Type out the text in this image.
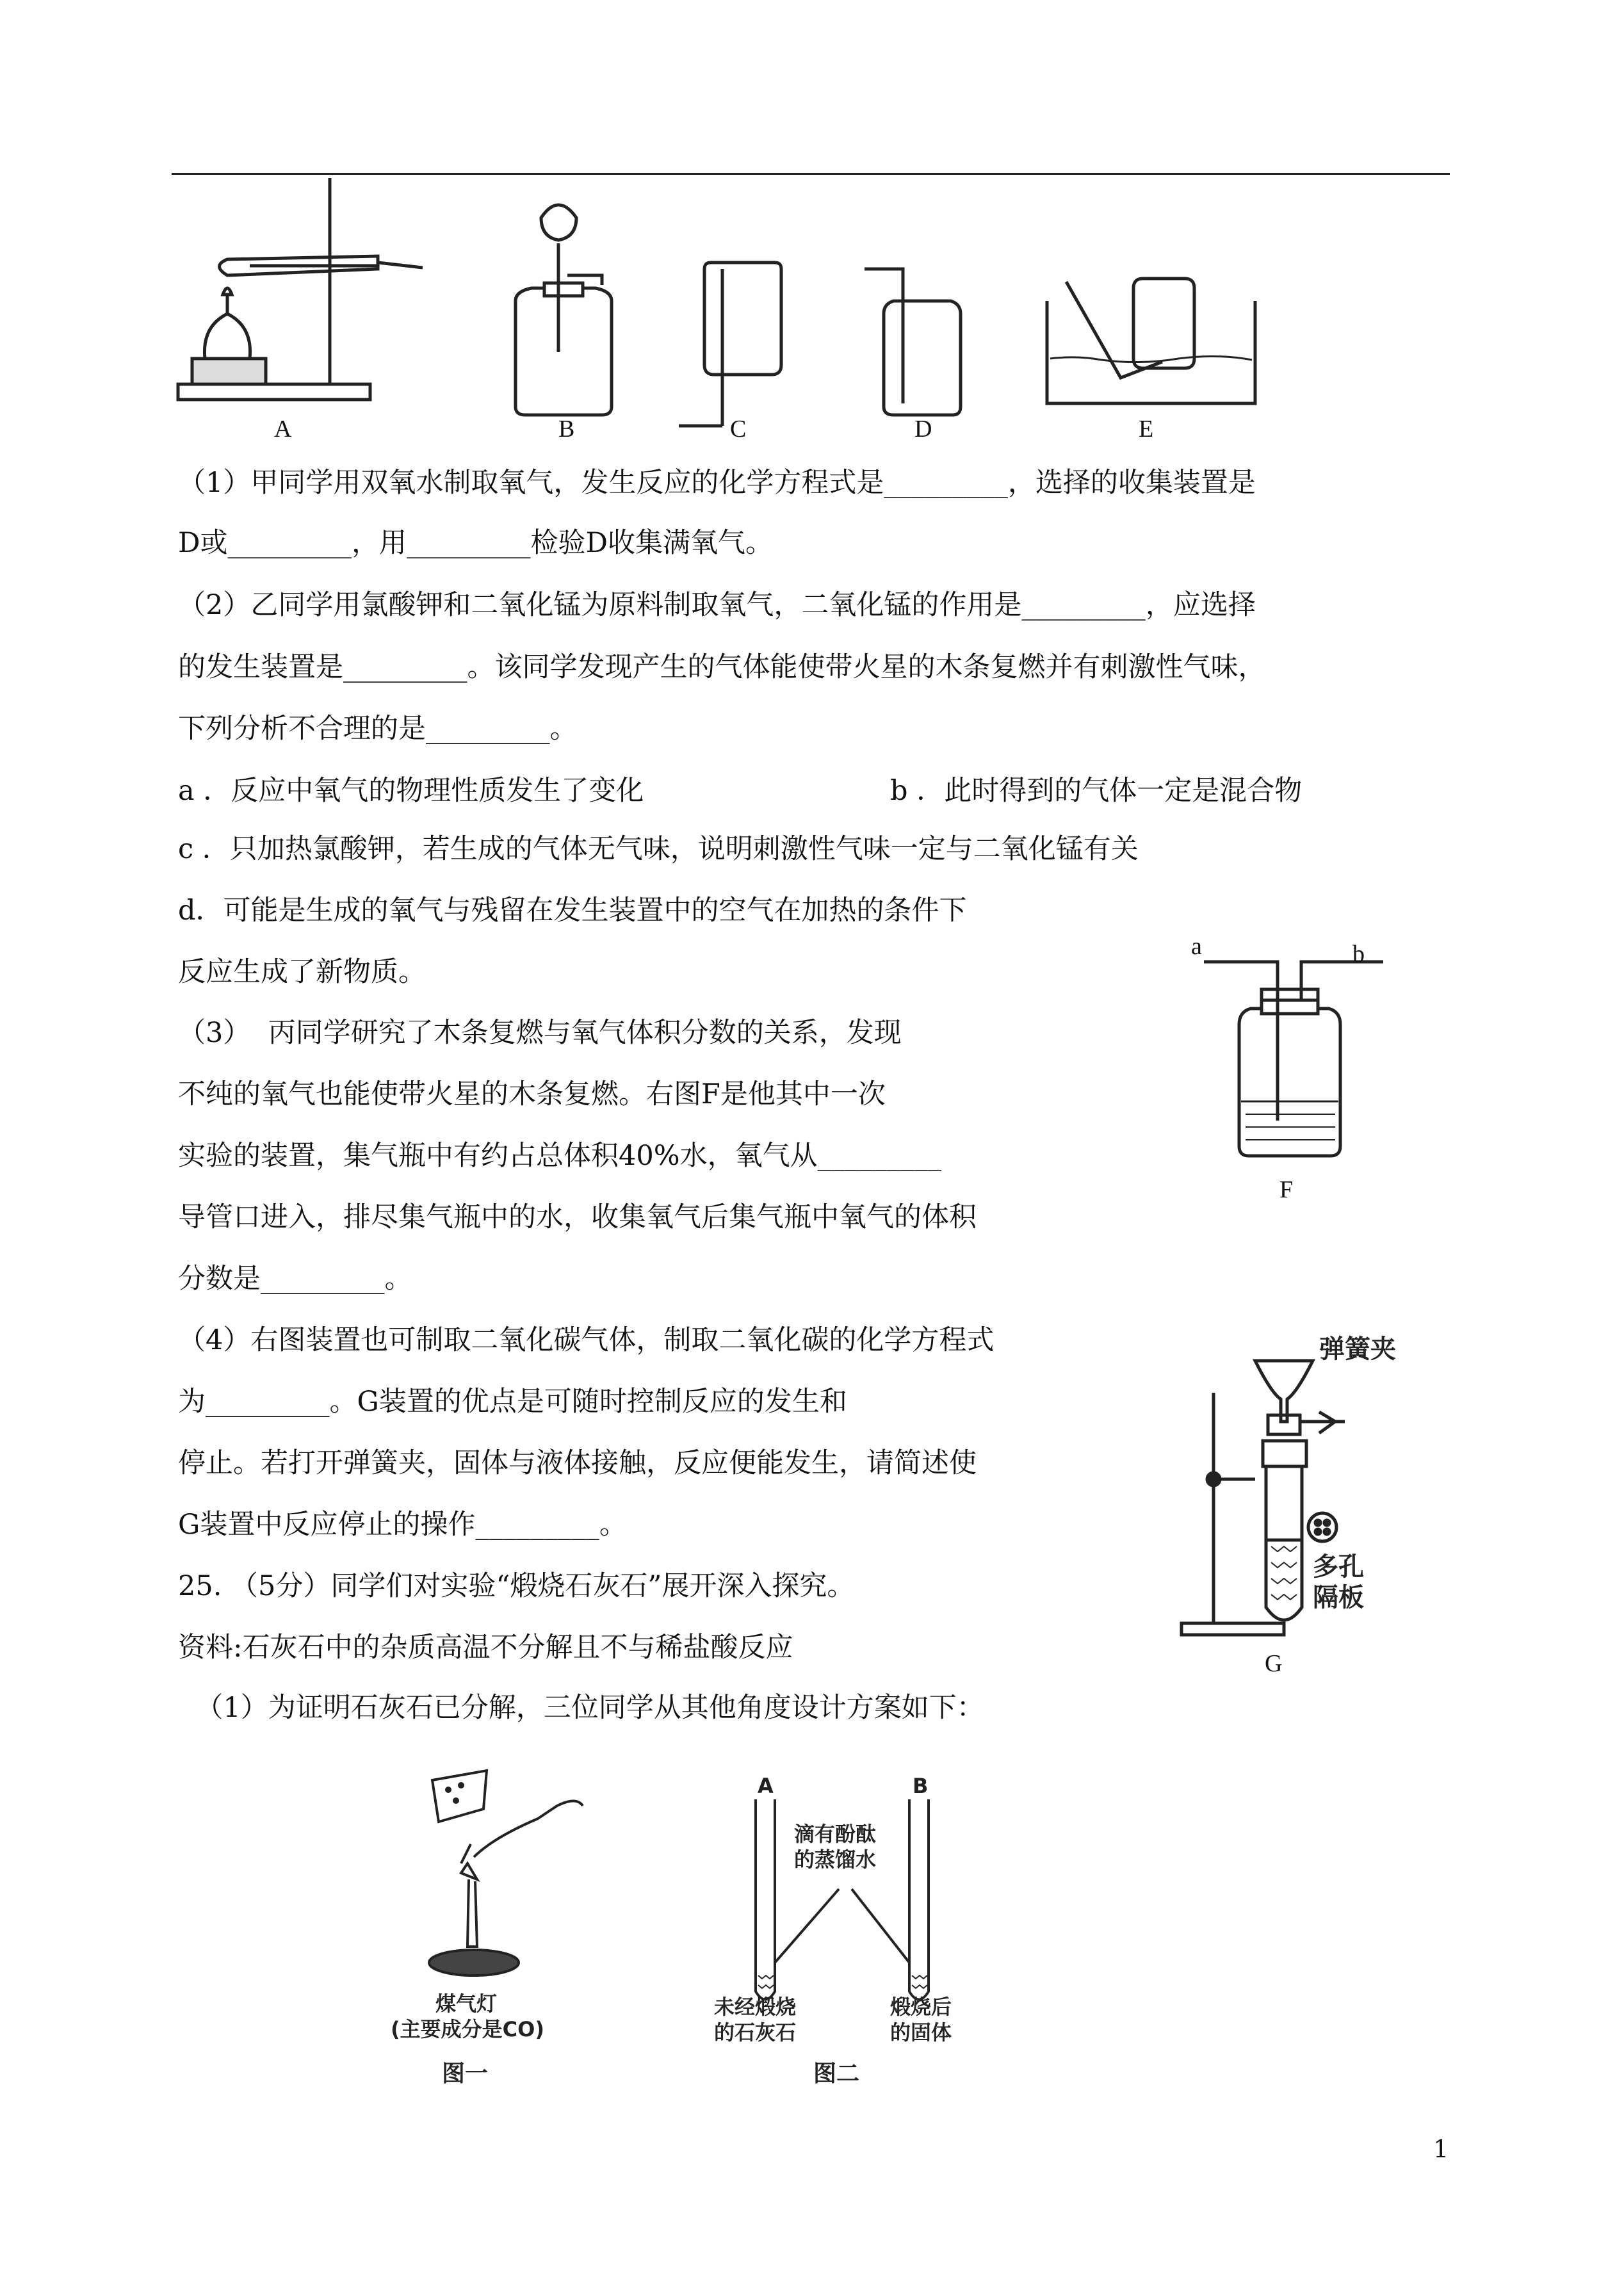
A	B	C	D	E
a	b
F
弹簧夹
多孔
隔板
G
煤气灯
(主要成分是CO)
图一
A	B
滴有酚酞
的蒸馏水
未经煅烧
的石灰石
煅烧后
的固体
图二
（1）甲同学用双氧水制取氧气，发生反应的化学方程式是_________，选择的收集装置是
D或_________，用_________检验D收集满氧气。
（2）乙同学用氯酸钾和二氧化锰为原料制取氧气，二氧化锰的作用是_________，应选择
的发生装置是_________。该同学发现产生的气体能使带火星的木条复燃并有刺激性气味，
下列分析不合理的是_________。
a ．反应中氧气的物理性质发生了变化	b ．此时得到的气体一定是混合物
c ．只加热氯酸钾，若生成的气体无气味，说明刺激性气味一定与二氧化锰有关
d．可能是生成的氧气与残留在发生装置中的空气在加热的条件下
反应生成了新物质。
（3）  丙同学研究了木条复燃与氧气体积分数的关系，发现
不纯的氧气也能使带火星的木条复燃。右图F是他其中一次
实验的装置，集气瓶中有约占总体积40%水，氧气从_________
导管口进入，排尽集气瓶中的水，收集氧气后集气瓶中氧气的体积
分数是_________。
（4）右图装置也可制取二氧化碳气体，制取二氧化碳的化学方程式
为_________。G装置的优点是可随时控制反应的发生和
停止。若打开弹簧夹，固体与液体接触，反应便能发生，请简述使
G装置中反应停止的操作_________。
25. （5分）同学们对实验“煅烧石灰石”展开深入探究。
资料:石灰石中的杂质高温不分解且不与稀盐酸反应
（1）为证明石灰石已分解，三位同学从其他角度设计方案如下：
1
